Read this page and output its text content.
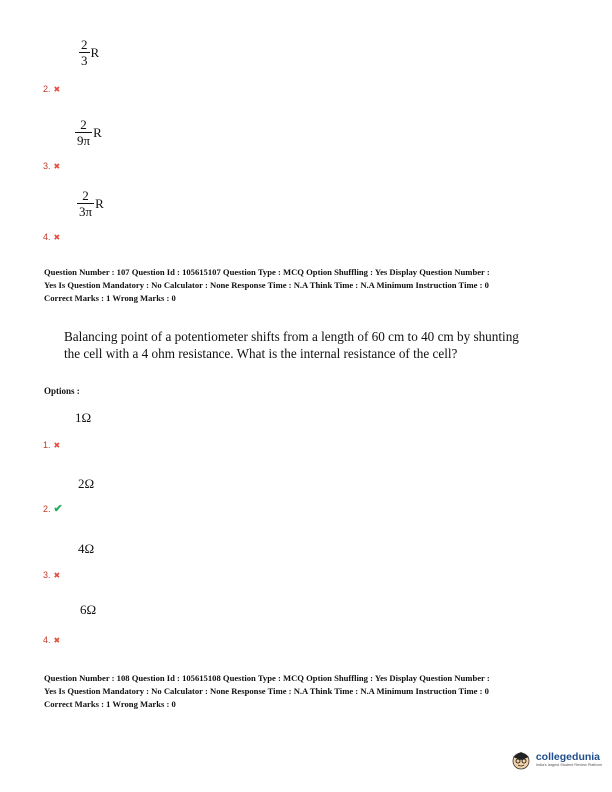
$\frac{2}{3}$ R
2. ✖
$\frac{2}{9\pi}$ R
3. ✖
$\frac{2}{3\pi}$ R
4. ✖
Question Number : 107 Question Id : 105615107 Question Type : MCQ Option Shuffling : Yes Display Question Number :
Yes Is Question Mandatory : No Calculator : None Response Time : N.A Think Time : N.A Minimum Instruction Time : 0
Correct Marks : 1 Wrong Marks : 0
Balancing point of a potentiometer shifts from a length of 60 cm to 40 cm by shunting
the cell with a 4 ohm resistance. What is the internal resistance of the cell?
Options :
1Ω
1. ✖
2Ω
2. ✔
4Ω
3. ✖
6Ω
4. ✖
Question Number : 108 Question Id : 105615108 Question Type : MCQ Option Shuffling : Yes Display Question Number :
Yes Is Question Mandatory : No Calculator : None Response Time : N.A Think Time : N.A Minimum Instruction Time : 0
Correct Marks : 1 Wrong Marks : 0
collegedunia
India's largest Student Review Platform
